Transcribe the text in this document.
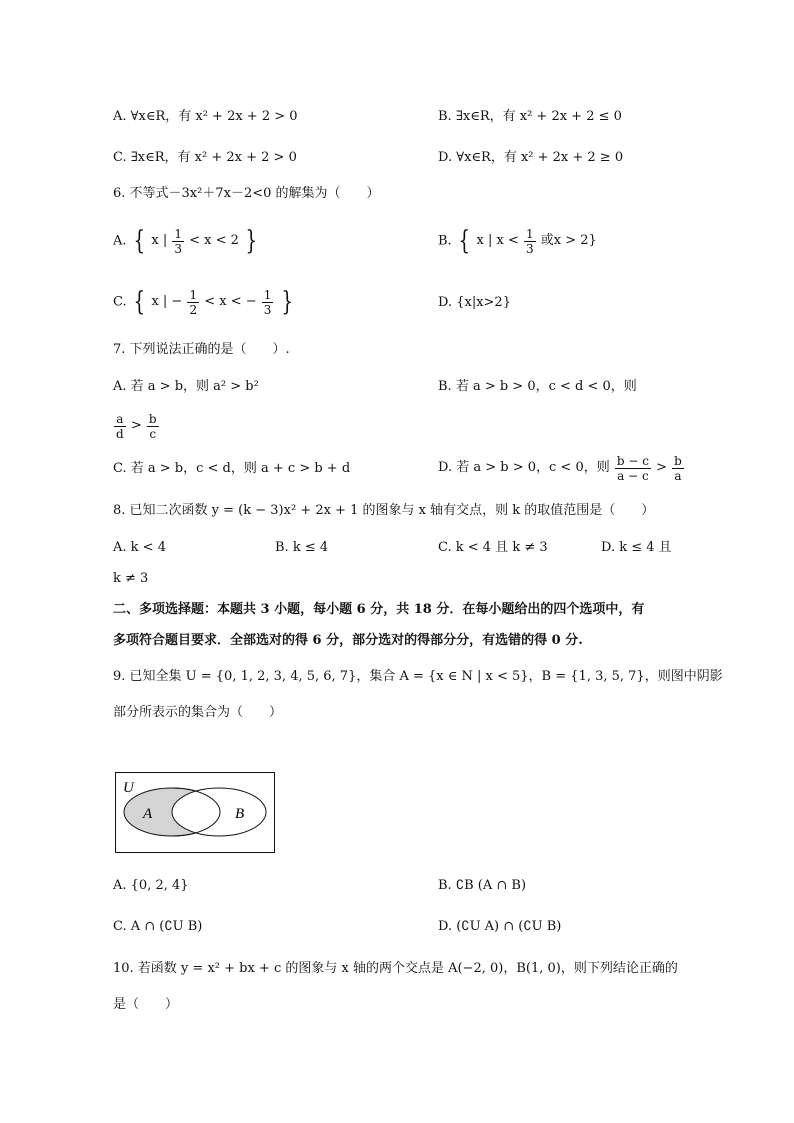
A. ∀x∈R，有 x² + 2x + 2 > 0	B. ∃x∈R，有 x² + 2x + 2 ≤ 0
C. ∃x∈R，有 x² + 2x + 2 > 0	D. ∀x∈R，有 x² + 2x + 2 ≥ 0
6. 不等式－3x²＋7x－2<0 的解集为（　　）
A. { x | $\frac{1}{3} < x < 2$ }	B. { x | $x < \frac{1}{3}$ 或x > 2}
C. { x | − $\frac{1}{2} < x$ < − $\frac{1}{3}$ }	D. {x|x>2}
7. 下列说法正确的是（　　）.
A. 若 a > b，则 a² > b²	B. 若 a > b > 0，c < d < 0，则
$\frac{a}{d} > \frac{b}{c}$
C. 若 a > b，c < d，则 a + c > b + d	D. 若 a > b > 0，c < 0，则 $\frac{b - c}{a - c} > \frac{b}{a}$
8. 已知二次函数 y = (k − 3)x² + 2x + 1 的图象与 x 轴有交点，则 k 的取值范围是（　　）
A. k < 4	B. k ≤ 4	C. k < 4 且 k ≠ 3	D. k ≤ 4 且
k ≠ 3
二、多项选择题：本题共 3 小题，每小题 6 分，共 18 分．在每小题给出的四个选项中，有
多项符合题目要求．全部选对的得 6 分，部分选对的得部分分，有选错的得 0 分.
9. 已知全集 U = {0, 1, 2, 3, 4, 5, 6, 7}，集合 A = {x ∈ N | x < 5}，B = {1, 3, 5, 7}，则图中阴影
部分所表示的集合为（　　）
U
A	B
A. {0, 2, 4}	B. ∁B (A ∩ B)
C. A ∩ (∁U B)	D. (∁U A) ∩ (∁U B)
10. 若函数 y = x² + bx + c 的图象与 x 轴的两个交点是 A(−2, 0)，B(1, 0)，则下列结论正确的
是（　　）
